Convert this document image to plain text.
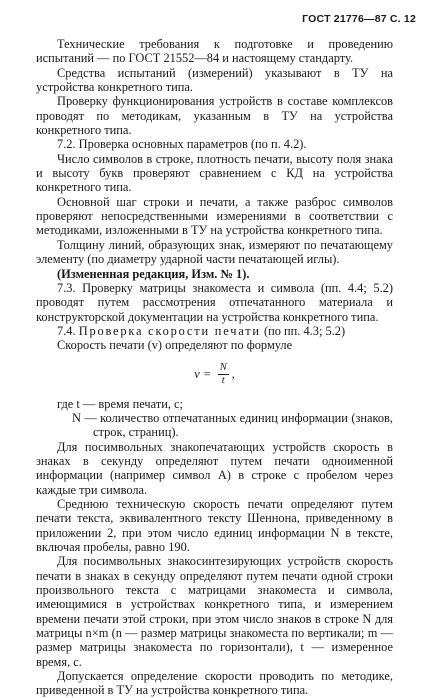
ГОСТ 21776—87 С. 12

Технические требования к подготовке и проведению испытаний — по ГОСТ 21552—84 и настоящему стандарту.

Средства испытаний (измерений) указывают в ТУ на устройства конкретного типа.

Проверку функционирования устройств в составе комплексов проводят по методикам, указанным в ТУ на устройства конкретного типа.

7.2. Проверка основных параметров (по п. 4.2).

Число символов в строке, плотность печати, высоту поля знака и высоту букв проверяют сравнением с КД на устройства конкретного типа.

Основной шаг строки и печати, а также разброс символов проверяют непосредственными измерениями в соответствии с методиками, изложенными в ТУ на устройства конкретного типа.

Толщину линий, образующих знак, измеряют по печатающему элементу (по диаметру ударной части печатающей иглы).

(Измененная редакция, Изм. № 1).

7.3. Проверку матрицы знакоместа и символа (пп. 4.4; 5.2) проводят путем рассмотрения отпечатанного материала и конструкторской документации на устройства конкретного типа.

7.4. Проверка скорости печати (по пп. 4.3; 5.2)

Скорость печати (v) определяют по формуле

$v = \frac{N}{t}$ ,

где t — время печати, с;

N — количество отпечатанных единиц информации (знаков, строк, страниц).

Для посимвольных знакопечатающих устройств скорость в знаках в секунду определяют путем печати одноименной информации (например символ А) в строке с пробелом через каждые три символа.

Среднюю техническую скорость печати определяют путем печати текста, эквивалентного тексту Шеннона, приведенному в приложении 2, при этом число единиц информации N в тексте, включая пробелы, равно 190.

Для посимвольных знакосинтезирующих устройств скорость печати в знаках в секунду определяют путем печати одной строки произвольного текста с матрицами знакоместа и символа, имеющимися в устройствах конкретного типа, и измерением времени печати этой строки, при этом число знаков в строке N для матрицы n×m (n — размер матрицы знакоместа по вертикали; m — размер матрицы знакоместа по горизонтали), t — измеренное время, с.

Допускается определение скорости проводить по методике, приведенной в ТУ на устройства конкретного типа.
